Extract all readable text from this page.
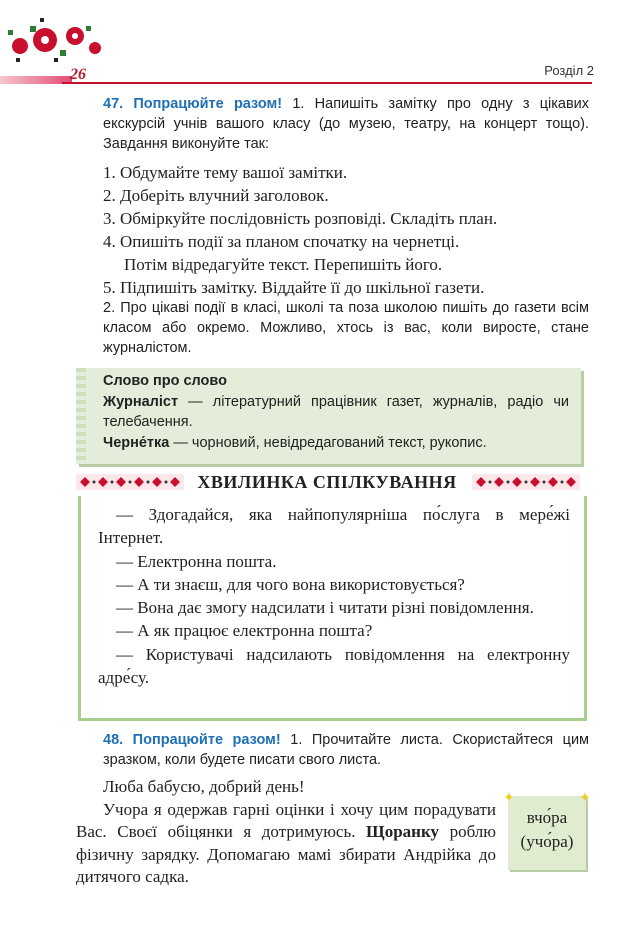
26	Розділ 2
47. Попрацюйте разом! 1. Напишіть замітку про одну з цікавих екскурсій учнів вашого класу (до музею, театру, на концерт тощо). Завдання виконуйте так:
1. Обдумайте тему вашої замітки.
2. Доберіть влучний заголовок.
3. Обміркуйте послідовність розповіді. Складіть план.
4. Опишіть події за планом спочатку на чернетці.
Потім відредагуйте текст. Перепишіть його.
5. Підпишіть замітку. Віддайте її до шкільної газети.
2. Про цікаві події в класі, школі та поза школою пишіть до газети всім класом або окремо. Можливо, хтось із вас, коли виросте, стане журналістом.
Слово про слово
Журналіст — літературний працівник газет, журналів, радіо чи телебачення.
Черне́тка — чорновий, невідредагований текст, рукопис.
ХВИЛИНКА СПІЛКУВАННЯ
— Здогадайся, яка найпопулярніша по́слуга в мере́жі Інтернет.
— Електронна пошта.
— А ти знаєш, для чого вона використовується?
— Вона дає змогу надсилати і читати різні повідомлення.
— А як працює електронна пошта?
— Користувачі надсилають повідомлення на електронну адре́су.
48. Попрацюйте разом! 1. Прочитайте листа. Скористайтеся цим зразком, коли будете писати свого листа.
Люба бабусю, добрий день!
Учора я одержав гарні оцінки і хочу цим порадувати Вас. Своєї обіцянки я дотримуюсь. Щоранку роблю фізичну зарядку. Допомагаю мамі збирати Андрійка до дитячого садка.
вчо́ра
(учо́ра)
✦	✦
